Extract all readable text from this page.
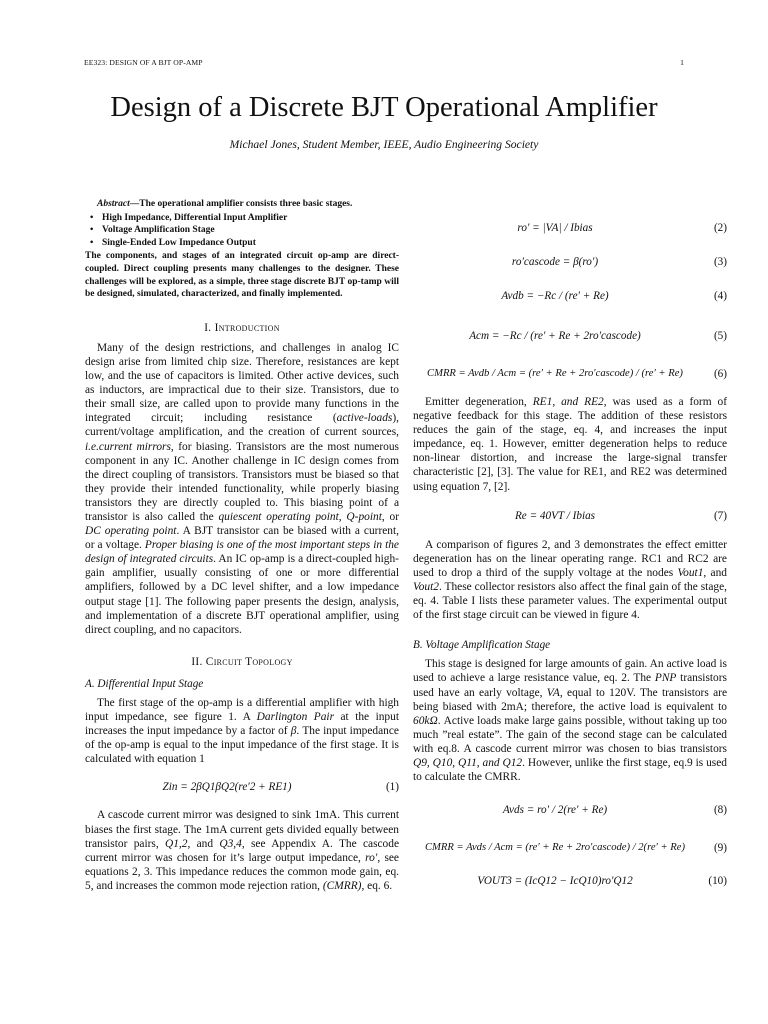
EE323: DESIGN OF A BJT OP-AMP	1
Design of a Discrete BJT Operational Amplifier
Michael Jones, Student Member, IEEE, Audio Engineering Society

Abstract—The operational amplifier consists three basic stages.

• High Impedance, Differential Input Amplifier
• Voltage Amplification Stage
• Single-Ended Low Impedance Output

The components, and stages of an integrated circuit op-amp are direct-coupled. Direct coupling presents many challenges to the designer. These challenges will be explored, as a simple, three stage discrete BJT op-tamp will be designed, simulated, characterized, and finally implemented.

I. Introduction

Many of the design restrictions, and challenges in analog IC design arise from limited chip size. Therefore, resistances are kept low, and the use of capacitors is limited. Other active devices, such as inductors, are impractical due to their size. Transistors, due to their small size, are called upon to provide many functions in the integrated circuit; including resistance (active-loads), current/voltage amplification, and the creation of current sources, i.e.current mirrors, for biasing. Transistors are the most numerous component in any IC. Another challenge in IC design comes from the direct coupling of transistors. Transistors must be biased so that they provide their intended functionality, while properly biasing transistors they are directly coupled to. This biasing point of a transistor is also called the quiescent operating point, Q-point, or DC operating point. A BJT transistor can be biased with a current, or a voltage. Proper biasing is one of the most important steps in the design of integrated circuits. An IC op-amp is a direct-coupled high-gain amplifier, usually consisting of one or more differential amplifiers, followed by a DC level shifter, and a low impedance output stage [1]. The following paper presents the design, analysis, and implementation of a discrete BJT operational amplifier, using direct coupling, and no capacitors.

II. Circuit Topology
A. Differential Input Stage

The first stage of the op-amp is a differential amplifier with high input impedance, see figure 1. A Darlington Pair at the input increases the input impedance by a factor of β. The input impedance of the op-amp is equal to the input impedance of the first stage. It is calculated with equation 1

Zin = 2βQ1βQ2(re′2 + RE1)	(1)

A cascode current mirror was designed to sink 1mA. This current biases the first stage. The 1mA current gets divided equally between transistor pairs, Q1,2, and Q3,4, see Appendix A. The cascode current mirror was chosen for it’s large output impedance, ro′, see equations 2, 3. This impedance reduces the common mode gain, eq. 5, and increases the common mode rejection ration, (CMRR), eq. 6.

ro′ = |VA| / Ibias	(2)
ro′cascode = β(ro′)	(3)
Avdb = −Rc / (re′ + Re)	(4)
Acm = −Rc / (re′ + Re + 2ro′cascode)	(5)
CMRR = Avdb / Acm = (re′ + Re + 2ro′cascode) / (re′ + Re)	(6)

Emitter degeneration, RE1, and RE2, was used as a form of negative feedback for this stage. The addition of these resistors reduces the gain of the stage, eq. 4, and increases the input impedance, eq. 1. However, emitter degeneration helps to reduce non-linear distortion, and increase the large-signal transfer characteristic [2], [3]. The value for RE1, and RE2 was determined using equation 7, [2].

Re = 40VT / Ibias	(7)

A comparison of figures 2, and 3 demonstrates the effect emitter degeneration has on the linear operating range. RC1 and RC2 are used to drop a third of the supply voltage at the nodes Vout1, and Vout2. These collector resistors also affect the final gain of the stage, eq. 4. Table I lists these parameter values. The experimental output of the first stage circuit can be viewed in figure 4.

B. Voltage Amplification Stage

This stage is designed for large amounts of gain. An active load is used to achieve a large resistance value, eq. 2. The PNP transistors used have an early voltage, VA, equal to 120V. The transistors are being biased with 2mA; therefore, the active load is equivalent to 60kΩ. Active loads make large gains possible, without taking up too much ”real estate”. The gain of the second stage can be calculated with eq.8. A cascode current mirror was chosen to bias transistors Q9, Q10, Q11, and Q12. However, unlike the first stage, eq.9 is used to calculate the CMRR.

Avds = ro′ / 2(re′ + Re)	(8)
CMRR = Avds / Acm = (re′ + Re + 2ro′cascode) / 2(re′ + Re)	(9)
VOUT3 = (IcQ12 − IcQ10)ro′Q12	(10)
